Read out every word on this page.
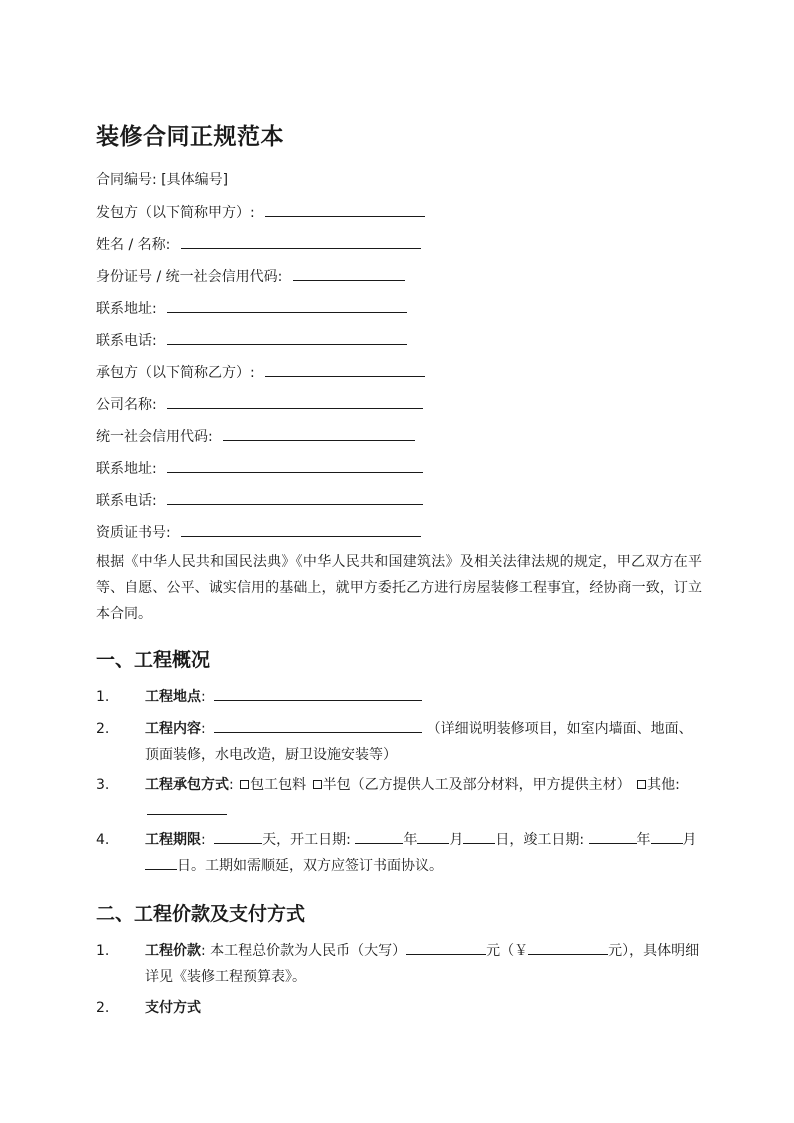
装修合同正规范本
合同编号: [具体编号]
发包方（以下简称甲方）:
姓名 / 名称:
身份证号 / 统一社会信用代码:
联系地址:
联系电话:
承包方（以下简称乙方）:
公司名称:
统一社会信用代码:
联系地址:
联系电话:
资质证书号:

根据《中华人民共和国民法典》《中华人民共和国建筑法》及相关法律法规的规定，甲乙双方在平等、自愿、公平、诚实信用的基础上，就甲方委托乙方进行房屋装修工程事宜，经协商一致，订立本合同。

一、工程概况
1.	工程地点:
2.	工程内容:	（详细说明装修项目，如室内墙面、地面、顶面装修，水电改造，厨卫设施安装等）
3.	工程承包方式: 包工包料 半包（乙方提供人工及部分材料，甲方提供主材） 其他:
4.	工程期限:	天，开工日期:	年 月 日，竣工日期:	年 月日。工期如需顺延，双方应签订书面协议。
二、工程价款及支付方式
1.	工程价款: 本工程总价款为人民币（大写）	元（￥	元），具体明细详见《装修工程预算表》。
2.	支付方式
